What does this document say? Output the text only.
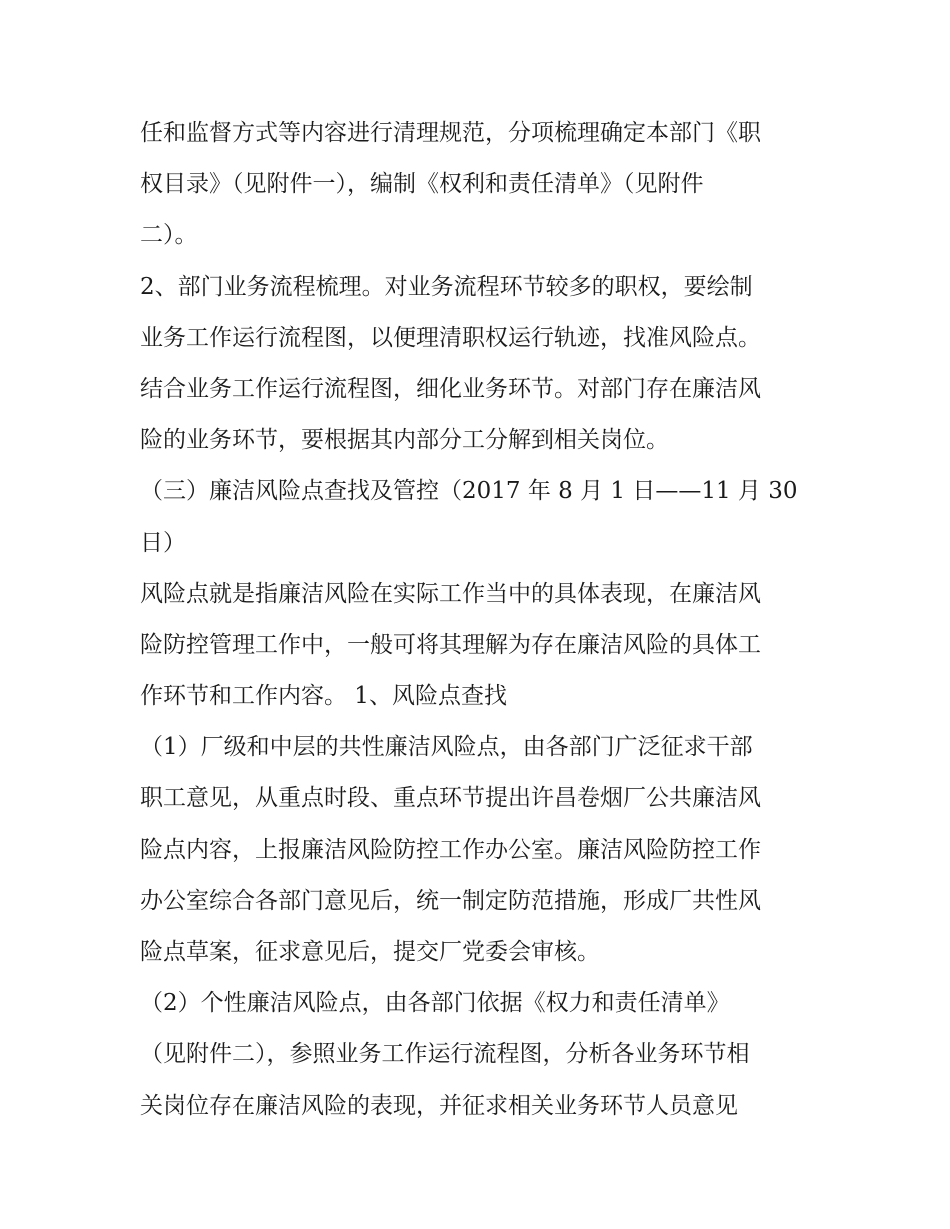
任和监督方式等内容进行清理规范，分项梳理确定本部门《职
权目录》（见附件一），编制《权利和责任清单》（见附件
二）。
2、部门业务流程梳理。对业务流程环节较多的职权，要绘制
业务工作运行流程图，以便理清职权运行轨迹，找准风险点。
结合业务工作运行流程图，细化业务环节。对部门存在廉洁风
险的业务环节，要根据其内部分工分解到相关岗位。
（三）廉洁风险点查找及管控（2017 年 8 月 1 日——11 月 30
日）
风险点就是指廉洁风险在实际工作当中的具体表现，在廉洁风
险防控管理工作中，一般可将其理解为存在廉洁风险的具体工
作环节和工作内容。 1、风险点查找
（1）厂级和中层的共性廉洁风险点，由各部门广泛征求干部
职工意见，从重点时段、重点环节提出许昌卷烟厂公共廉洁风
险点内容，上报廉洁风险防控工作办公室。廉洁风险防控工作
办公室综合各部门意见后，统一制定防范措施，形成厂共性风
险点草案，征求意见后，提交厂党委会审核。
（2）个性廉洁风险点，由各部门依据《权力和责任清单》
（见附件二），参照业务工作运行流程图，分析各业务环节相
关岗位存在廉洁风险的表现，并征求相关业务环节人员意见
